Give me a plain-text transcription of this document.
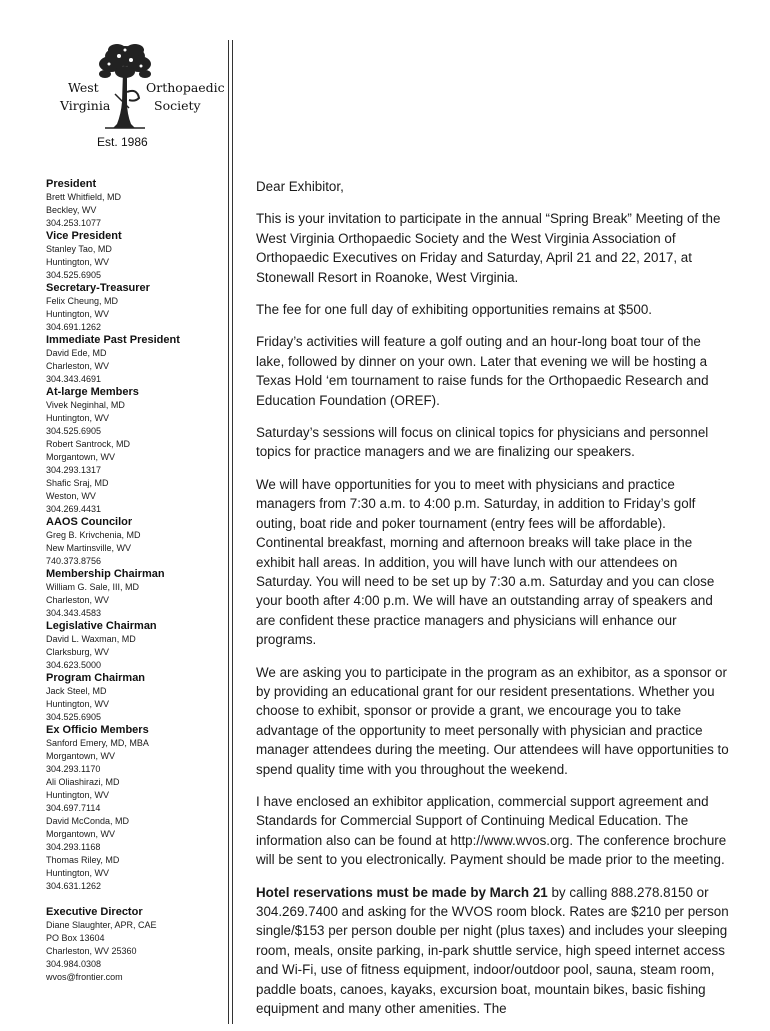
West	Orthopaedic
Virginia	Society
Est. 1986
President
Brett Whitfield, MD
Beckley, WV
304.253.1077
Vice President
Stanley Tao, MD
Huntington, WV
304.525.6905
Secretary-Treasurer
Felix Cheung, MD
Huntington, WV
304.691.1262
Immediate Past President
David Ede, MD
Charleston, WV
304.343.4691
At-large Members
Vivek Neginhal, MD
Huntington, WV
304.525.6905
Robert Santrock, MD
Morgantown, WV
304.293.1317
Shafic Sraj, MD
Weston, WV
304.269.4431
AAOS Councilor
Greg B. Krivchenia, MD
New Martinsville, WV
740.373.8756
Membership Chairman
William G. Sale, III, MD
Charleston, WV
304.343.4583
Legislative Chairman
David L. Waxman, MD
Clarksburg, WV
304.623.5000
Program Chairman
Jack Steel, MD
Huntington, WV
304.525.6905
Ex Officio Members
Sanford Emery, MD, MBA
Morgantown, WV
304.293.1170
Ali Oliashirazi, MD
Huntington, WV
304.697.7114
David McConda, MD
Morgantown, WV
304.293.1168
Thomas Riley, MD
Huntington, WV
304.631.1262
Executive Director
Diane Slaughter, APR, CAE
PO Box 13604
Charleston, WV 25360
304.984.0308
wvos@frontier.com

Dear Exhibitor,

This is your invitation to participate in the annual “Spring Break” Meeting of the West Virginia Orthopaedic Society and the West Virginia Association of Orthopaedic Executives on Friday and Saturday, April 21 and 22, 2017, at Stonewall Resort in Roanoke, West Virginia.

The fee for one full day of exhibiting opportunities remains at $500.

Friday’s activities will feature a golf outing and an hour-long boat tour of the lake, followed by dinner on your own. Later that evening we will be hosting a Texas Hold ‘em tournament to raise funds for the Orthopaedic Research and Education Foundation (OREF).

Saturday’s sessions will focus on clinical topics for physicians and personnel topics for practice managers and we are finalizing our speakers.

We will have opportunities for you to meet with physicians and practice managers from 7:30 a.m. to 4:00 p.m. Saturday, in addition to Friday’s golf outing, boat ride and poker tournament (entry fees will be affordable). Continental breakfast, morning and afternoon breaks will take place in the exhibit hall areas. In addition, you will have lunch with our attendees on Saturday. You will need to be set up by 7:30 a.m. Saturday and you can close your booth after 4:00 p.m. We will have an outstanding array of speakers and are confident these practice managers and physicians will enhance our programs.

We are asking you to participate in the program as an exhibitor, as a sponsor or by providing an educational grant for our resident presentations. Whether you choose to exhibit, sponsor or provide a grant, we encourage you to take advantage of the opportunity to meet personally with physician and practice manager attendees during the meeting. Our attendees will have opportunities to spend quality time with you throughout the weekend.

I have enclosed an exhibitor application, commercial support agreement and Standards for Commercial Support of Continuing Medical Education. The information also can be found at http://www.wvos.org. The conference brochure will be sent to you electronically. Payment should be made prior to the meeting.

Hotel reservations must be made by March 21 by calling 888.278.8150 or 304.269.7400 and asking for the WVOS room block. Rates are $210 per person single/$153 per person double per night (plus taxes) and includes your sleeping room, meals, onsite parking, in-park shuttle service, high speed internet access and Wi-Fi, use of fitness equipment, indoor/outdoor pool, sauna, steam room, paddle boats, canoes, kayaks, excursion boat, mountain bikes, basic fishing equipment and many other amenities. The
